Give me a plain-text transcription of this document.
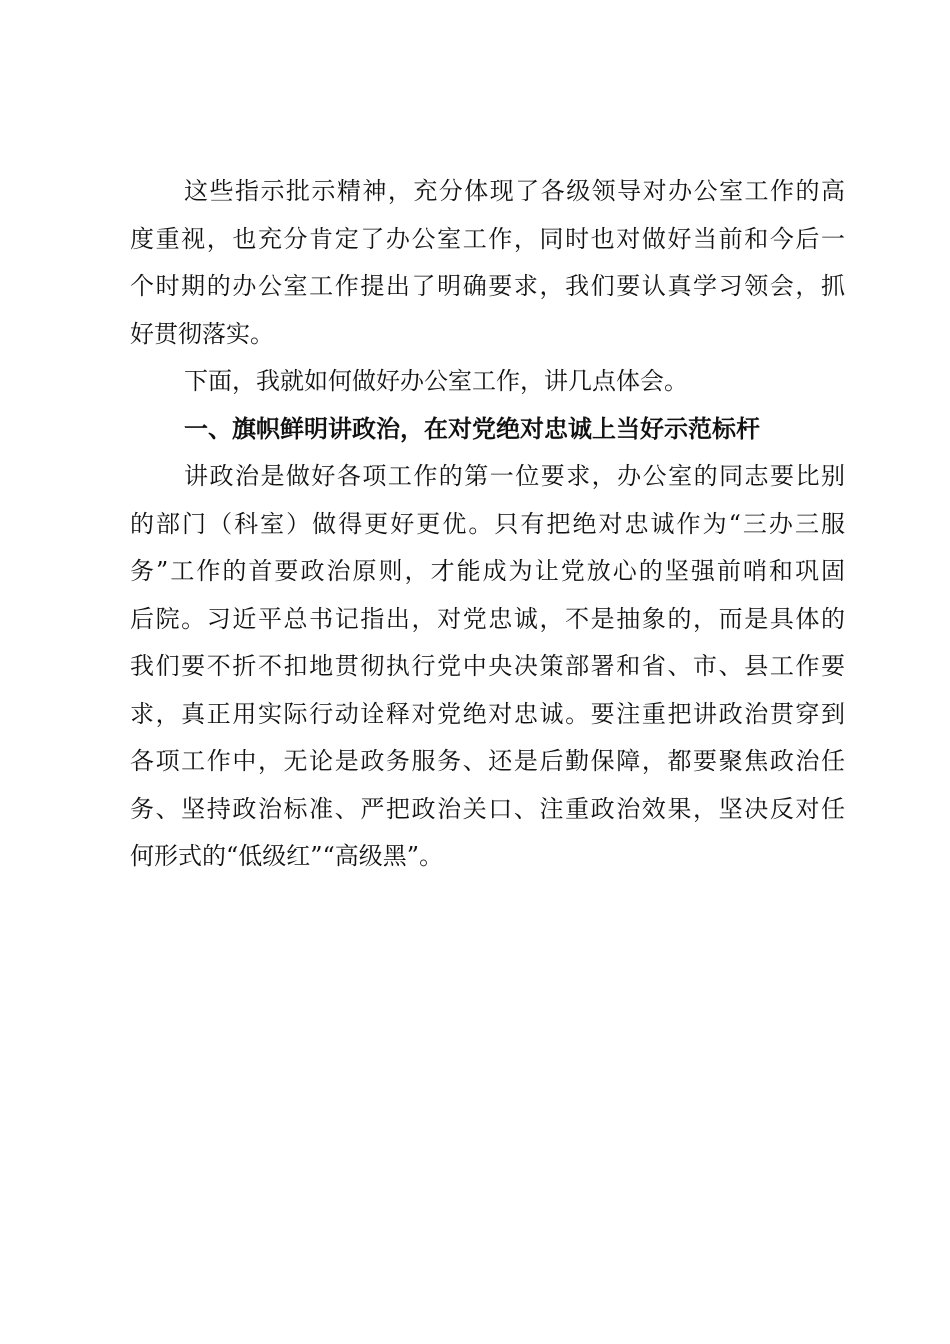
这些指示批示精神，充分体现了各级领导对办公室工作的高
度重视，也充分肯定了办公室工作，同时也对做好当前和今后一
个时期的办公室工作提出了明确要求，我们要认真学习领会，抓
好贯彻落实。
下面，我就如何做好办公室工作，讲几点体会。
一、旗帜鲜明讲政治，在对党绝对忠诚上当好示范标杆
讲政治是做好各项工作的第一位要求，办公室的同志要比别
的部门（科室）做得更好更优。只有把绝对忠诚作为“三办三服
务”工作的首要政治原则，才能成为让党放心的坚强前哨和巩固
后院。习近平总书记指出，对党忠诚，不是抽象的，而是具体的
我们要不折不扣地贯彻执行党中央决策部署和省、市、县工作要
求，真正用实际行动诠释对党绝对忠诚。要注重把讲政治贯穿到
各项工作中，无论是政务服务、还是后勤保障，都要聚焦政治任
务、坚持政治标准、严把政治关口、注重政治效果，坚决反对任
何形式的“低级红”“高级黑”。
